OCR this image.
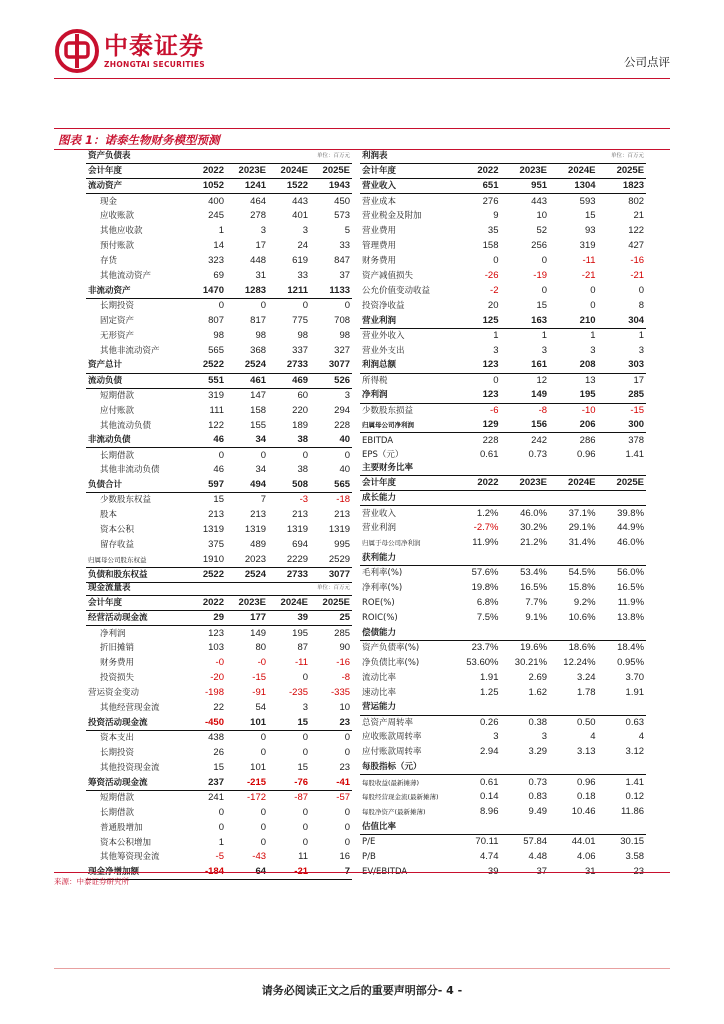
中泰证券
ZHONGTAI SECURITIES	公司点评
图表 1：诺泰生物财务模型预测
资产负债表			单位：百万元	
会计年度	2022	2023E	2024E	2025E
流动资产	1052	1241	1522	1943
现金	400	464	443	450
应收账款	245	278	401	573
其他应收款	1	3	3	5
预付账款	14	17	24	33
存货	323	448	619	847
其他流动资产	69	31	33	37
非流动资产	1470	1283	1211	1133
长期投资	0	0	0	0
固定资产	807	817	775	708
无形资产	98	98	98	98
其他非流动资产	565	368	337	327
资产总计	2522	2524	2733	3077
流动负债	551	461	469	526
短期借款	319	147	60	3
应付账款	111	158	220	294
其他流动负债	122	155	189	228
非流动负债	46	34	38	40
长期借款	0	0	0	0
其他非流动负债	46	34	38	40
负债合计	597	494	508	565
少数股东权益	15	7	-3	-18
股本	213	213	213	213
资本公积	1319	1319	1319	1319
留存收益	375	489	694	995
归属母公司股东权益	1910	2023	2229	2529
负债和股东权益	2522	2524	2733	3077
现金流量表			单位：百万元	
会计年度	2022	2023E	2024E	2025E
经营活动现金流	29	177	39	25
净利润	123	149	195	285
折旧摊销	103	80	87	90
财务费用	-0	-0	-11	-16
投资损失	-20	-15	0	-8
营运资金变动	-198	-91	-235	-335
其他经营现金流	22	54	3	10
投资活动现金流	-450	101	15	23
资本支出	438	0	0	0
长期投资	26	0	0	0
其他投资现金流	15	101	15	23
筹资活动现金流	237	-215	-76	-41
短期借款	241	-172	-87	-57
长期借款	0	0	0	0
普通股增加	0	0	0	0
资本公积增加	1	0	0	0
其他筹资现金流	-5	-43	11	16
现金净增加额	-184	64	-21	7
利润表			单位：百万元	
会计年度	2022	2023E	2024E	2025E
营业收入	651	951	1304	1823
营业成本	276	443	593	802
营业税金及附加	9	10	15	21
营业费用	35	52	93	122
管理费用	158	256	319	427
财务费用	0	0	-11	-16
资产减值损失	-26	-19	-21	-21
公允价值变动收益	-2	0	0	0
投资净收益	20	15	0	8
营业利润	125	163	210	304
营业外收入	1	1	1	1
营业外支出	3	3	3	3
利润总额	123	161	208	303
所得税	0	12	13	17
净利润	123	149	195	285
少数股东损益	-6	-8	-10	-15
归属母公司净利润	129	156	206	300
EBITDA	228	242	286	378
EPS（元）	0.61	0.73	0.96	1.41
主要财务比率				
会计年度	2022	2023E	2024E	2025E
成长能力				
营业收入	1.2%	46.0%	37.1%	39.8%
营业利润	-2.7%	30.2%	29.1%	44.9%
归属于母公司净利润	11.9%	21.2%	31.4%	46.0%
获利能力				
毛利率(%)	57.6%	53.4%	54.5%	56.0%
净利率(%)	19.8%	16.5%	15.8%	16.5%
ROE(%)	6.8%	7.7%	9.2%	11.9%
ROIC(%)	7.5%	9.1%	10.6%	13.8%
偿债能力				
资产负债率(%)	23.7%	19.6%	18.6%	18.4%
净负债比率(%)	53.60%	30.21%	12.24%	0.95%
流动比率	1.91	2.69	3.24	3.70
速动比率	1.25	1.62	1.78	1.91
营运能力				
总资产周转率	0.26	0.38	0.50	0.63
应收账款周转率	3	3	4	4
应付账款周转率	2.94	3.29	3.13	3.12
每股指标（元）				
每股收益(最新摊薄)	0.61	0.73	0.96	1.41
每股经营现金流(最新摊薄)	0.14	0.83	0.18	0.12
每股净资产(最新摊薄)	8.96	9.49	10.46	11.86
估值比率				
P/E	70.11	57.84	44.01	30.15
P/B	4.74	4.48	4.06	3.58
EV/EBITDA	39	37	31	23
来源：中泰证券研究所
请务必阅读正文之后的重要声明部分- 4 -
